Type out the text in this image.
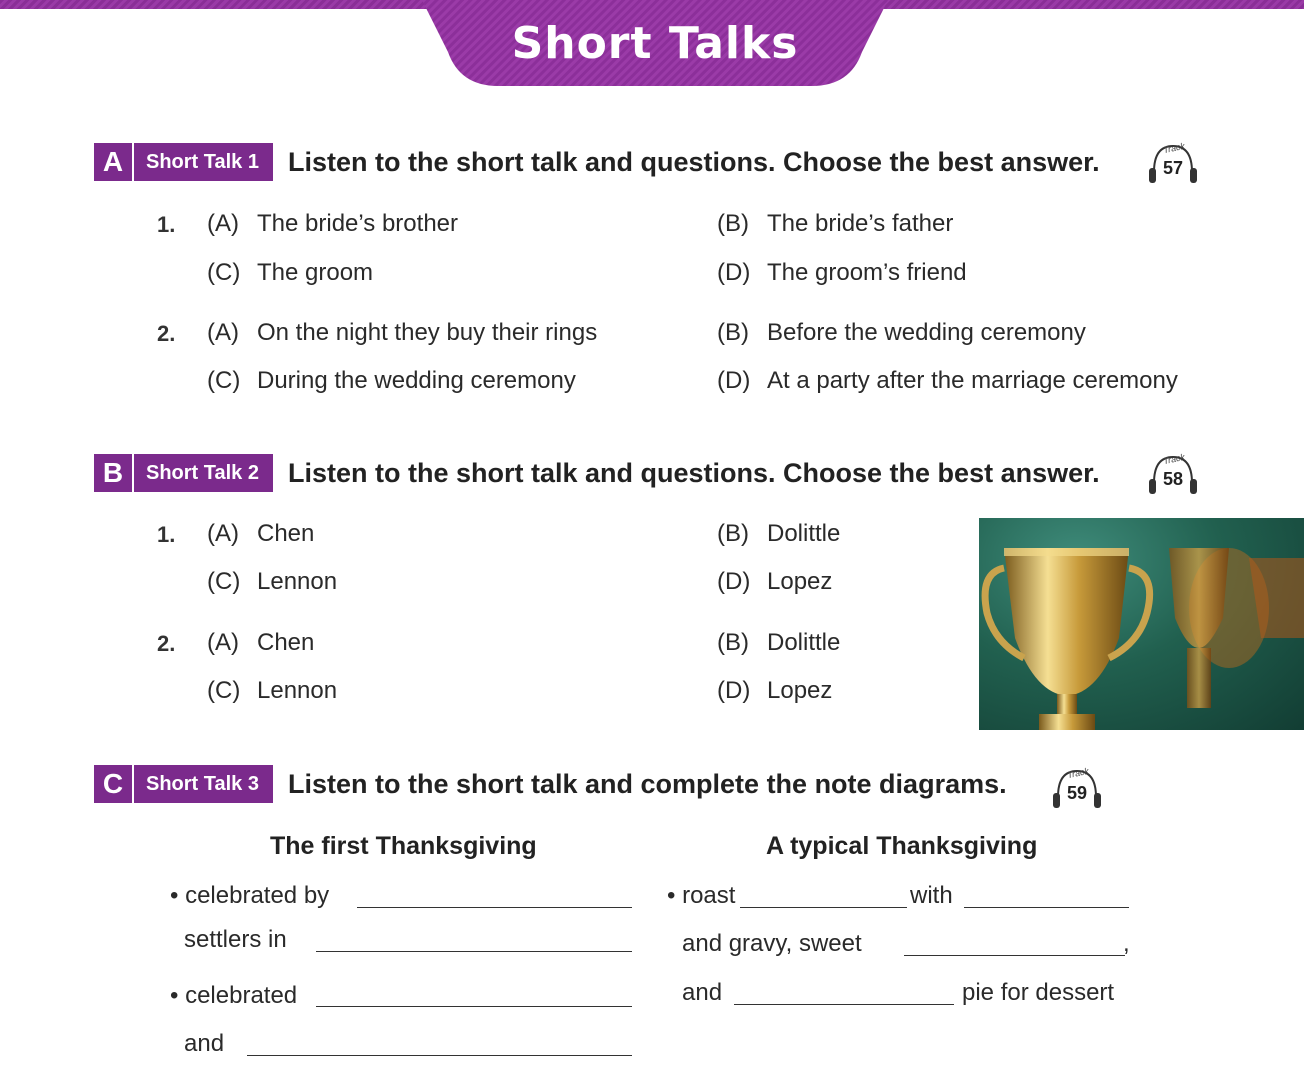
Short Talks
A	Short Talk 1	Listen to the short talk and questions. Choose the best answer.	Track
57
1. (A) The bride’s brother	(B) The bride’s father
(C) The groom	(D) The groom’s friend
2. (A) On the night they buy their rings	(B) Before the wedding ceremony
(C) During the wedding ceremony	(D) At a party after the marriage ceremony
B	Short Talk 2	Listen to the short talk and questions. Choose the best answer.	Track
58
1. (A) Chen	(B) Dolittle
(C) Lennon	(D) Lopez
2. (A) Chen	(B) Dolittle
(C) Lennon	(D) Lopez
C	Short Talk 3	Listen to the short talk and complete the note diagrams.	Track
59
The first Thanksgiving	A typical Thanksgiving
• celebrated by
settlers in
• celebrated
and
• roast	with
and gravy, sweet	,
and	pie for dessert
